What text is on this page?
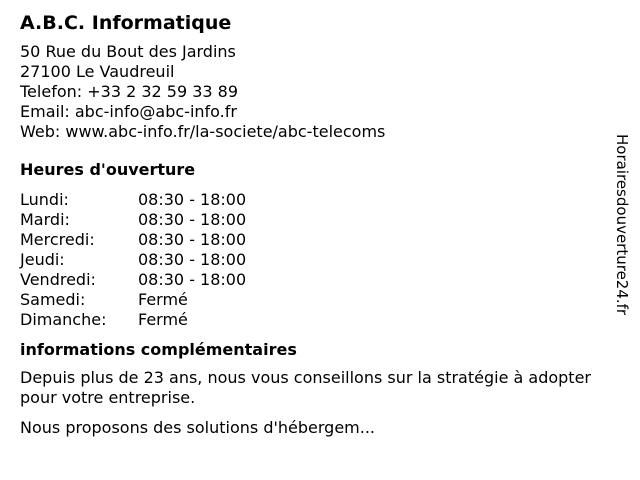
A.B.C. Informatique
50 Rue du Bout des Jardins
27100 Le Vaudreuil
Telefon: +33 2 32 59 33 89
Email: abc-info@abc-info.fr
Web: www.abc-info.fr/la-societe/abc-telecoms
Heures d'ouverture
Lundi:	08:30 - 18:00
Mardi:	08:30 - 18:00
Mercredi:	08:30 - 18:00
Jeudi:	08:30 - 18:00
Vendredi:	08:30 - 18:00
Samedi:	Fermé
Dimanche:	Fermé
informations complémentaires

Depuis plus de 23 ans, nous vous conseillons sur la stratégie à adopter pour votre entreprise.

Nous proposons des solutions d'hébergem...

Horairesdouverture24.fr
